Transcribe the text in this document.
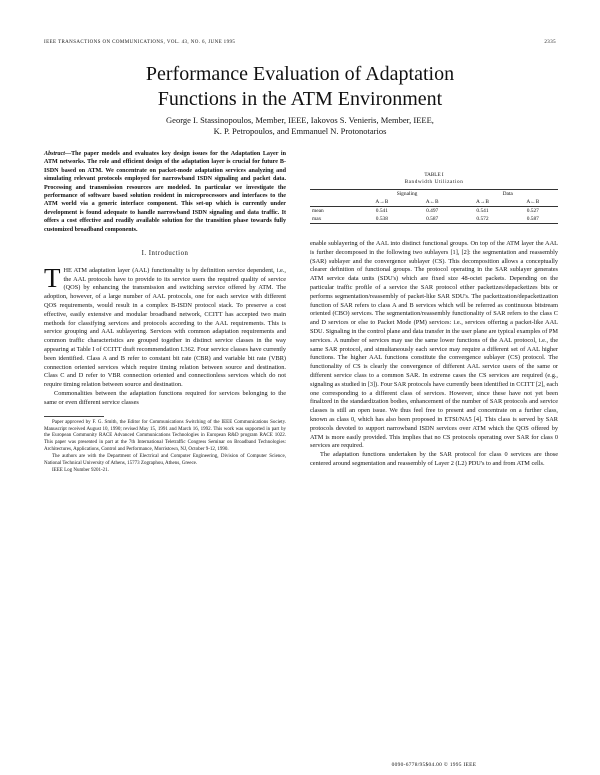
IEEE TRANSACTIONS ON COMMUNICATIONS, VOL. 43, NO. 6, JUNE 1995	2335
Performance Evaluation of Adaptation
Functions in the ATM Environment
George I. Stassinopoulos, Member, IEEE, Iakovos S. Venieris, Member, IEEE,
K. P. Petropoulos, and Emmanuel N. Protonotarios
Abstract—The paper models and evaluates key design issues for the Adaptation Layer in ATM networks. The role and efficient design of the adaptation layer is crucial for future B-ISDN based on ATM. We concentrate on packet-mode adaptation services analyzing and simulating relevant protocols employed for narrowband ISDN signaling and packet data. Processing and transmission resources are modeled. In particular we investigate the performance of software based solution resident in microprocessors and interfaces to the ATM world via a generic interface component. This set-up which is currently under development is found adequate to handle narrowband ISDN signaling and data traffic. It offers a cost effective and readily available solution for the transition phase towards fully customized broadband components.
I. Introduction

THE ATM adaptation layer (AAL) functionality is by definition service dependent, i.e., the AAL protocols have to provide to its service users the required quality of service (QOS) by enhancing the transmission and switching service offered by ATM. The adoption, however, of a large number of AAL protocols, one for each service with different QOS requirements, would result in a complex B-ISDN protocol stack. To preserve a cost effective, easily extensive and modular broadband network, CCITT has accepted two main methods for classifying services and protocols according to the AAL requirements. This is service grouping and AAL sublayering. Services with common adaptation requirements and common traffic characteristics are grouped together in distinct service classes in the way appearing at Table I of CCITT draft recommendation I.362. Four service classes have currently been identified. Class A and B refer to constant bit rate (CBR) and variable bit rate (VBR) connection oriented services which require timing relation between source and destination. Class C and D refer to VBR connection oriented and connectionless services which do not require timing relation between source and destination.

Commonalities between the adaptation functions required for services belonging to the same or even different service classes

Paper approved by F. G. Smith, the Editor for Communications Switching of the IEEE Communications Society. Manuscript received August 10, 1990; revised May 15, 1991 and March 16, 1992. This work was supported in part by the European Community RACE Advanced Communications Technologies in European R&D program RACE 1022. This paper was presented in part at the 7th International Teletraffic Congress Seminar on Broadband Technologies: Architectures, Applications, Control and Performance, Morristown, NJ, October 9-12, 1990.

The authors are with the Department of Electrical and Computer Engineering, Division of Computer Science, National Technical University of Athens, 15773 Zographou, Athens, Greece.

IEEE Log Number 9201-21.

TABLE I
Bandwidth Utilization
	Signaling		Data	
	A→B	A←B	A→B	A←B
mean	0.541	0.497	0.541	0.527
max	0.538	0.587	0.572	0.587

enable sublayering of the AAL into distinct functional groups. On top of the ATM layer the AAL is further decomposed in the following two sublayers [1], [2]: the segmentation and reassembly (SAR) sublayer and the convergence sublayer (CS). This decomposition allows a conceptually clearer definition of functional groups. The protocol operating in the SAR sublayer generates ATM service data units (SDU's) which are fixed size 48-octet packets. Depending on the particular traffic profile of a service the SAR protocol either packetizes/depacketizes bits or performs segmentation/reassembly of packet-like SAR SDU's. The packetization/depacketization function of SAR refers to class A and B services which will be referred as continuous bitstream oriented (CBO) services. The segmentation/reassembly functionality of SAR refers to the class C and D services or else to Packet Mode (PM) services: i.e., services offering a packet-like AAL SDU. Signaling in the control plane and data transfer in the user plane are typical examples of PM services. A number of services may use the same lower functions of the AAL protocol, i.e., the same SAR protocol, and simultaneously each service may require a different set of AAL higher functions. The higher AAL functions constitute the convergence sublayer (CS) protocol. The functionality of CS is clearly the convergence of different AAL service users of the same or different service class to a common SAR. In extreme cases the CS services are required (e.g., signaling as studied in [3]). Four SAR protocols have currently been identified in CCITT [2], each one corresponding to a different class of services. However, since these have not yet been finalized in the standardization bodies, enhancement of the number of SAR protocols and service classes is still an open issue. We thus feel free to present and concentrate on a further class, known as class 0, which has also been proposed in ETSI/NA5 [4]. This class is served by SAR protocols devoted to support narrowband ISDN services over ATM which the QOS offered by ATM is more easily provided. This implies that no CS protocols operating over SAR for class 0 services are required.

The adaptation functions undertaken by the SAR protocol for class 0 services are those centered around segmentation and reassembly of Layer 2 (L2) PDU's to and from ATM cells.

0090-6778/95$04.00 © 1995 IEEE
